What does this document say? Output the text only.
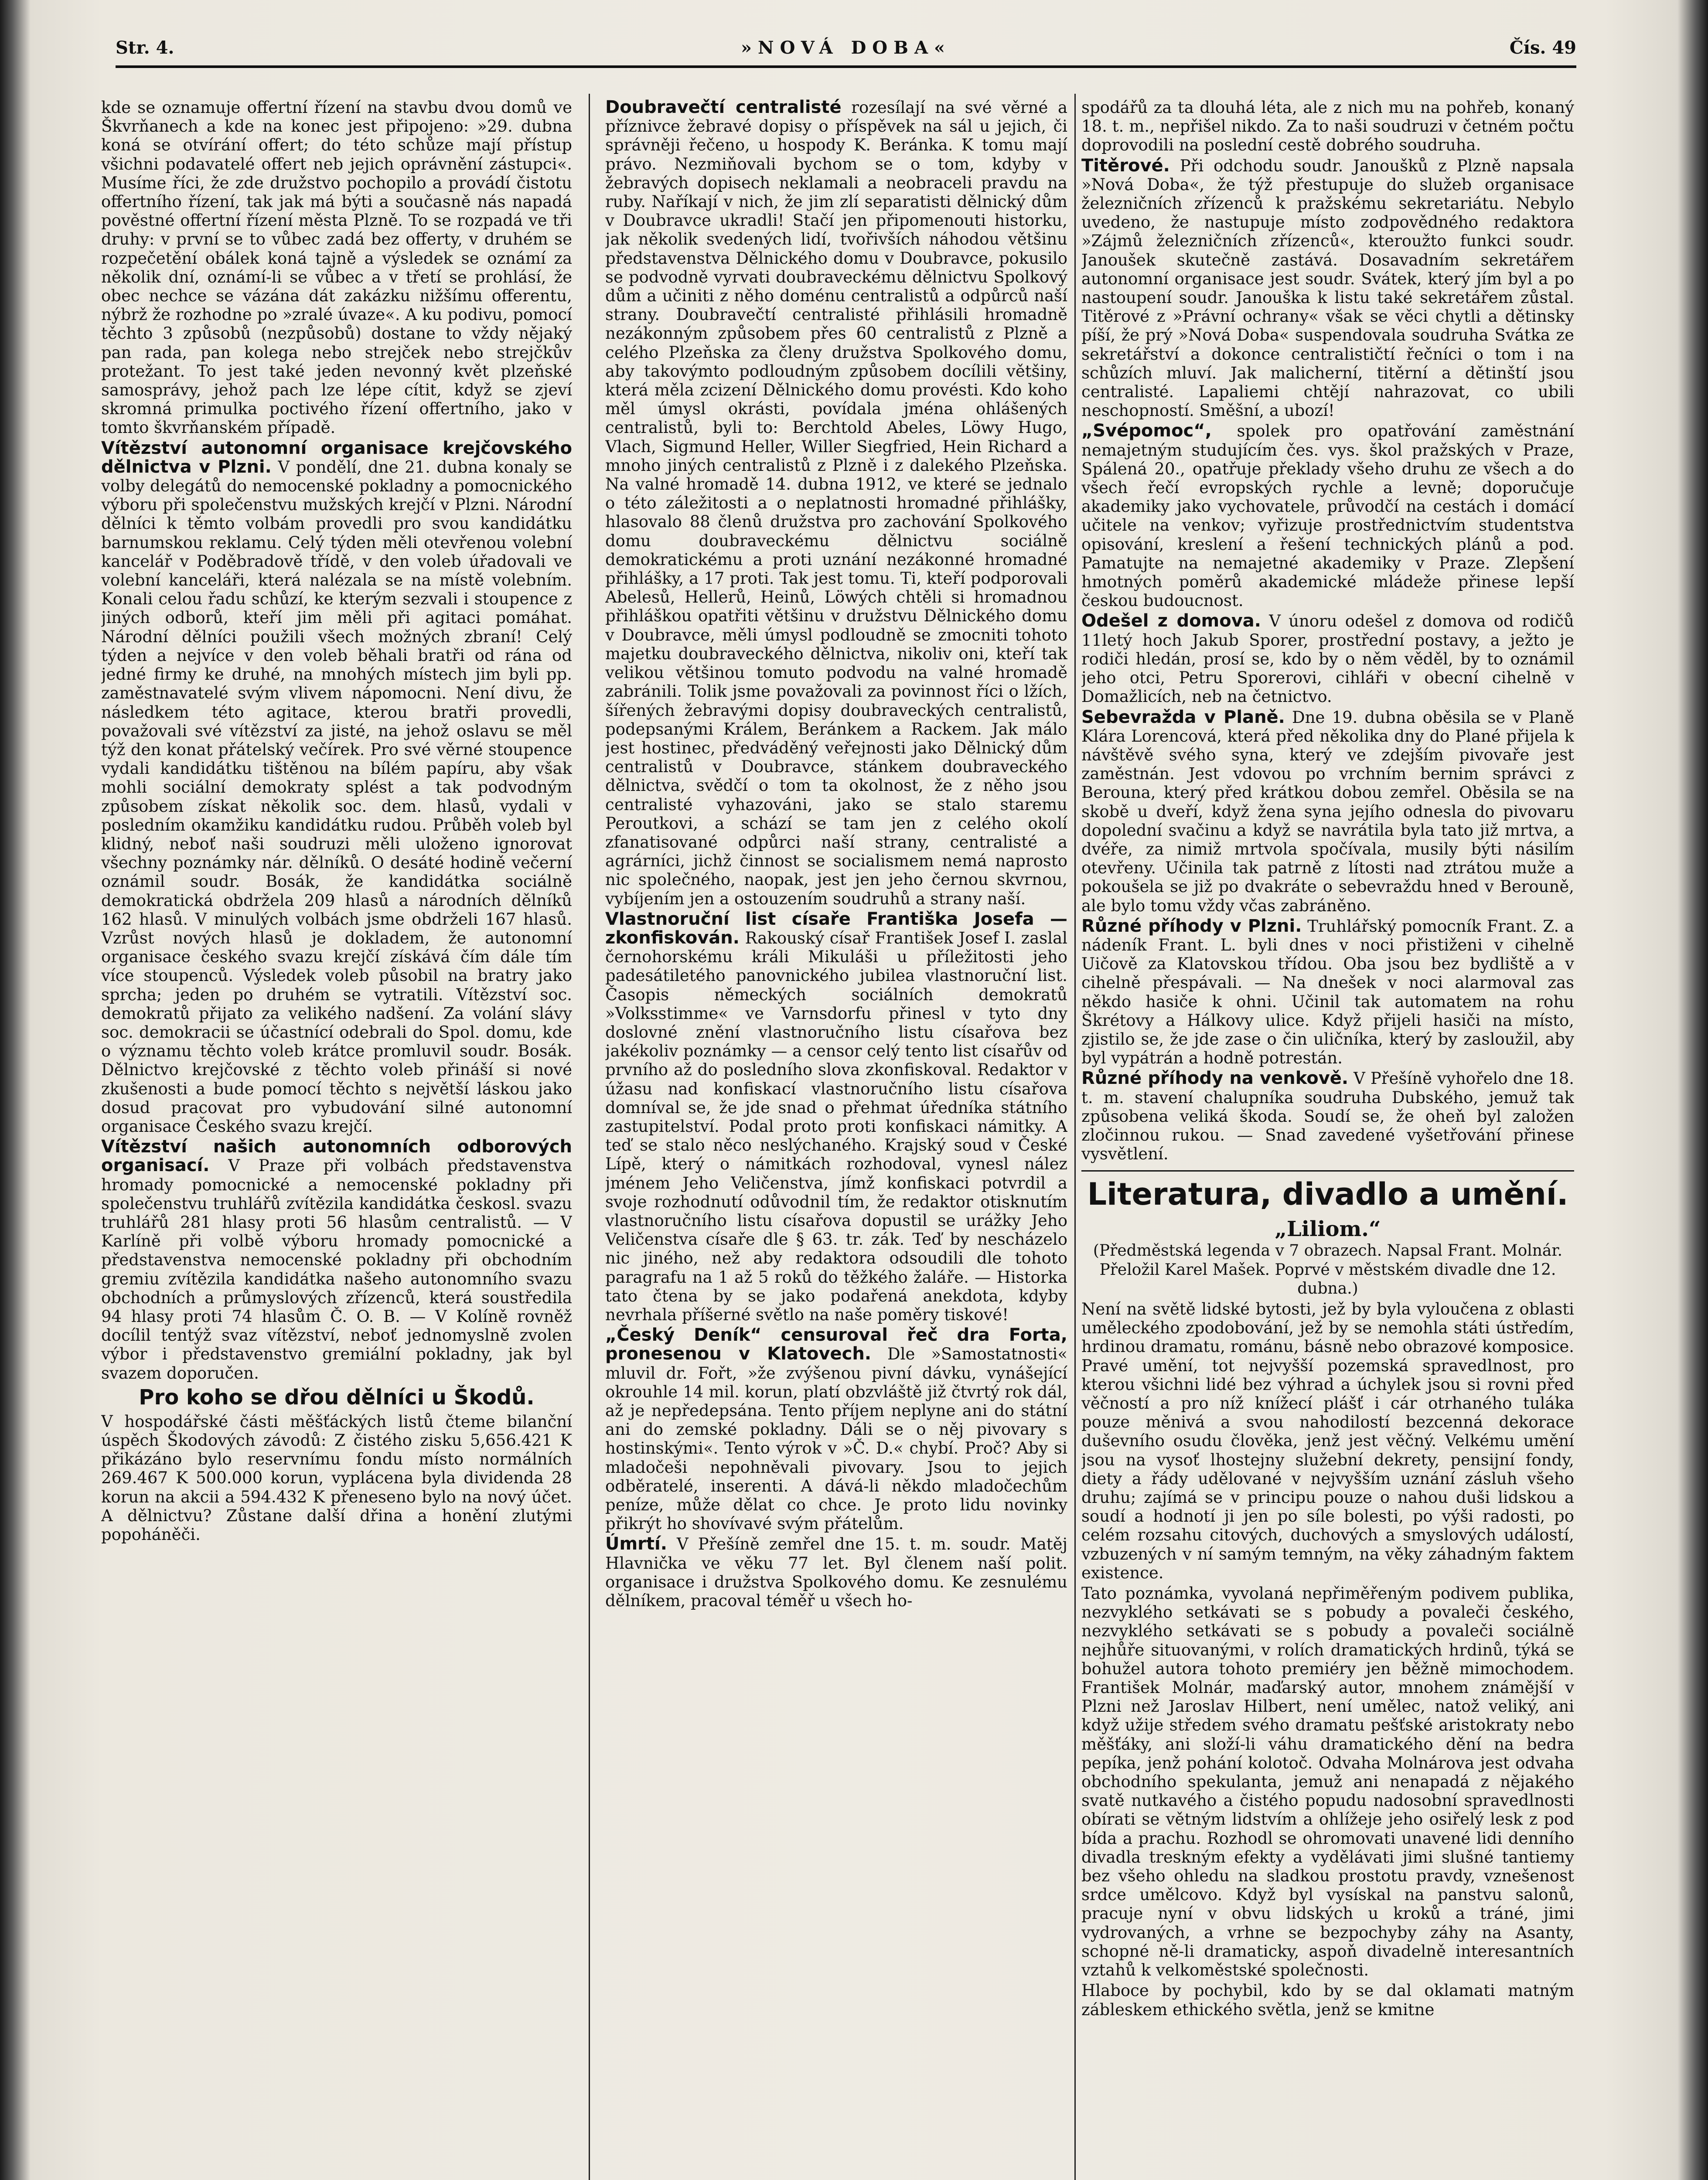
Str. 4.	»NOVÁ DOBA«	Čís. 49

kde se oznamuje offertní řízení na stavbu dvou domů ve Škvrňanech a kde na konec jest připojeno: »29. dubna koná se otvírání offert; do této schůze mají přístup všichni podavatelé offert neb jejich oprávnění zástupci«. Musíme říci, že zde družstvo pochopilo a provádí čistotu offertního řízení, tak jak má býti a současně nás napadá pověstné offertní řízení města Plzně. To se rozpadá ve tři druhy: v první se to vůbec zadá bez offerty, v druhém se rozpečetění obálek koná tajně a výsledek se oznámí za několik dní, oznámí-li se vůbec a v třetí se prohlásí, že obec nechce se vázána dát zakázku nižšímu offerentu, nýbrž že rozhodne po »zralé úvaze«. A ku podivu, pomocí těchto 3 způsobů (nezpůsobů) dostane to vždy nějaký pan rada, pan kolega nebo strejček nebo strejčkův protežant. To jest také jeden nevonný květ plzeňské samosprávy, jehož pach lze lépe cítit, když se zjeví skromná primulka poctivého řízení offertního, jako v tomto škvrňanském případě.

Vítězství autonomní organisace krejčovského dělnictva v Plzni. V pondělí, dne 21. dubna konaly se volby delegátů do nemocenské pokladny a pomocnického výboru při společenstvu mužských krejčí v Plzni. Národní dělníci k těmto volbám provedli pro svou kandidátku barnumskou reklamu. Celý týden měli otevřenou volební kancelář v Poděbradově třídě, v den voleb úřadovali ve volební kanceláři, která nalézala se na místě volebním. Konali celou řadu schůzí, ke kterým sezvali i stoupence z jiných odborů, kteří jim měli při agitaci pomáhat. Národní dělníci použili všech možných zbraní! Celý týden a nejvíce v den voleb běhali bratři od rána od jedné firmy ke druhé, na mnohých místech jim byli pp. zaměstnavatelé svým vlivem nápomocni. Není divu, že následkem této agitace, kterou bratři provedli, považovali své vítězství za jisté, na jehož oslavu se měl týž den konat přátelský večírek. Pro své věrné stoupence vydali kandidátku tištěnou na bílém papíru, aby však mohli sociální demokraty splést a tak podvodným způsobem získat několik soc. dem. hlasů, vydali v posledním okamžiku kandidátku rudou. Průběh voleb byl klidný, neboť naši soudruzi měli uloženo ignorovat všechny poznámky nár. dělníků. O desáté hodině večerní oznámil soudr. Bosák, že kandidátka sociálně demokratická obdržela 209 hlasů a národních dělníků 162 hlasů. V minulých volbách jsme obdrželi 167 hlasů. Vzrůst nových hlasů je dokladem, že autonomní organisace českého svazu krejčí získává čím dále tím více stoupenců. Výsledek voleb působil na bratry jako sprcha; jeden po druhém se vytratili. Vítězství soc. demokratů přijato za velikého nadšení. Za volání slávy soc. demokracii se účastnící odebrali do Spol. domu, kde o významu těchto voleb krátce promluvil soudr. Bosák. Dělnictvo krejčovské z těchto voleb přináší si nové zkušenosti a bude pomocí těchto s největší láskou jako dosud pracovat pro vybudování silné autonomní organisace Českého svazu krejčí.

Vítězství našich autonomních odborových organisací. V Praze při volbách představenstva hromady pomocnické a nemocenské pokladny při společenstvu truhlářů zvítězila kandidátka českosl. svazu truhlářů 281 hlasy proti 56 hlasům centralistů. — V Karlíně při volbě výboru hromady pomocnické a představenstva nemocenské pokladny při obchodním gremiu zvítězila kandidátka našeho autonomního svazu obchodních a průmyslových zřízenců, která soustředila 94 hlasy proti 74 hlasům Č. O. B. — V Kolíně rovněž docílil tentýž svaz vítězství, neboť jednomyslně zvolen výbor i představenstvo gremiální pokladny, jak byl svazem doporučen.

Pro koho se dřou dělníci u Škodů.

V hospodářské části měšťáckých listů čteme bilanční úspěch Škodových závodů: Z čistého zisku 5,656.421 K přikázáno bylo reservnímu fondu místo normálních 269.467 K 500.000 korun, vyplácena byla dividenda 28 korun na akcii a 594.432 K přeneseno bylo na nový účet. A dělnictvu? Zůstane další dřina a honění zlutými popoháněči.

Doubravečtí centralisté rozesílají na své věrné a příznivce žebravé dopisy o příspěvek na sál u jejich, či správněji řečeno, u hospody K. Beránka. K tomu mají právo. Nezmiňovali bychom se o tom, kdyby v žebravých dopisech neklamali a neobraceli pravdu na ruby. Naříkají v nich, že jim zlí separatisti dělnický dům v Doubravce ukradli! Stačí jen připomenouti historku, jak několik svedených lidí, tvořivších náhodou většinu představenstva Dělnického domu v Doubravce, pokusilo se podvodně vyrvati doubraveckému dělnictvu Spolkový dům a učiniti z něho doménu centralistů a odpůrců naší strany. Doubravečtí centralisté přihlásili hromadně nezákonným způsobem přes 60 centralistů z Plzně a celého Plzeňska za členy družstva Spolkového domu, aby takovýmto podloudným způsobem docílili většiny, která měla zcizení Dělnického domu provésti. Kdo koho měl úmysl okrásti, povídala jména ohlášených centralistů, byli to: Berchtold Abeles, Löwy Hugo, Vlach, Sigmund Heller, Willer Siegfried, Hein Richard a mnoho jiných centralistů z Plzně i z dalekého Plzeňska. Na valné hromadě 14. dubna 1912, ve které se jednalo o této záležitosti a o neplatnosti hromadné přihlášky, hlasovalo 88 členů družstva pro zachování Spolkového domu doubraveckému dělnictvu sociálně demokratickému a proti uznání nezákonné hromadné přihlášky, a 17 proti. Tak jest tomu. Ti, kteří podporovali Abelesů, Hellerů, Heinů, Löwých chtěli si hromadnou přihláškou opatřiti většinu v družstvu Dělnického domu v Doubravce, měli úmysl podloudně se zmocniti tohoto majetku doubraveckého dělnictva, nikoliv oni, kteří tak velikou většinou tomuto podvodu na valné hromadě zabránili. Tolik jsme považovali za povinnost říci o lžích, šířených žebravými dopisy doubraveckých centralistů, podepsanými Králem, Beránkem a Rackem. Jak málo jest hostinec, předváděný veřejnosti jako Dělnický dům centralistů v Doubravce, stánkem doubraveckého dělnictva, svědčí o tom ta okolnost, že z něho jsou centralisté vyhazováni, jako se stalo staremu Peroutkovi, a schází se tam jen z celého okolí zfanatisované odpůrci naší strany, centralisté a agrárníci, jichž činnost se socialismem nemá naprosto nic společného, naopak, jest jen jeho černou skvrnou, vybíjením jen a ostouzením soudruhů a strany naší.

Vlastnoruční list císaře Františka Josefa — zkonfiskován. Rakouský císař František Josef I. zaslal černohorskému králi Mikuláši u příležitosti jeho padesátiletého panovnického jubilea vlastnoruční list. Časopis německých sociálních demokratů »Volksstimme« ve Varnsdorfu přinesl v tyto dny doslovné znění vlastnoručního listu císařova bez jakékoliv poznámky — a censor celý tento list císařův od prvního až do posledního slova zkonfiskoval. Redaktor v úžasu nad konfiskací vlastnoručního listu císařova domníval se, že jde snad o přehmat úředníka státního zastupitelství. Podal proto proti konfiskaci námitky. A teď se stalo něco neslýchaného. Krajský soud v České Lípě, který o námitkách rozhodoval, vynesl nález jménem Jeho Veličenstva, jímž konfiskaci potvrdil a svoje rozhodnutí odůvodnil tím, že redaktor otisknutím vlastnoručního listu císařova dopustil se urážky Jeho Veličenstva císaře dle § 63. tr. zák. Teď by nescházelo nic jiného, než aby redaktora odsoudili dle tohoto paragrafu na 1 až 5 roků do těžkého žaláře. — Historka tato čtena by se jako podařená anekdota, kdyby nevrhala příšerné světlo na naše poměry tiskové!

„Český Deník“ censuroval řeč dra Forta, pronesenou v Klatovech. Dle »Samostatnosti« mluvil dr. Fořt, »že zvýšenou pivní dávku, vynášející okrouhle 14 mil. korun, platí obzvláště již čtvrtý rok dál, až je nepředepsána. Tento příjem neplyne ani do státní ani do zemské pokladny. Dáli se o něj pivovary s hostinskými«. Tento výrok v »Č. D.« chybí. Proč? Aby si mladočeši nepohněvali pivovary. Jsou to jejich odběratelé, inserenti. A dává-li někdo mladočechům peníze, může dělat co chce. Je proto lidu novinky přikrýt ho shovívavé svým přátelům.

Úmrtí. V Přešíně zemřel dne 15. t. m. soudr. Matěj Hlavnička ve věku 77 let. Byl členem naší polit. organisace i družstva Spolkového domu. Ke zesnulému dělníkem, pracoval téměř u všech ho-

spodářů za ta dlouhá léta, ale z nich mu na pohřeb, konaný 18. t. m., nepřišel nikdo. Za to naši soudruzi v četném počtu doprovodili na poslední cestě dobrého soudruha.

Titěrové. Při odchodu soudr. Janoušků z Plzně napsala »Nová Doba«, že týž přestupuje do služeb organisace železničních zřízenců k pražskému sekretariátu. Nebylo uvedeno, že nastupuje místo zodpovědného redaktora »Zájmů železničních zřízenců«, kteroužto funkci soudr. Janoušek skutečně zastává. Dosavadním sekretářem autonomní organisace jest soudr. Svátek, který jím byl a po nastoupení soudr. Janouška k listu také sekretářem zůstal. Titěrové z »Právní ochrany« však se věci chytli a dětinsky píší, že prý »Nová Doba« suspendovala soudruha Svátka ze sekretářství a dokonce centralističtí řečníci o tom i na schůzích mluví. Jak malicherní, titěrní a dětinští jsou centralisté. Lapaliemi chtějí nahrazovat, co ubili neschopností. Směšní, a ubozí!

„Svépomoc“, spolek pro opatřování zaměstnání nemajetným studujícím čes. vys. škol pražských v Praze, Spálená 20., opatřuje překlady všeho druhu ze všech a do všech řečí evropských rychle a levně; doporučuje akademiky jako vychovatele, průvodčí na cestách i domácí učitele na venkov; vyřizuje prostřednictvím studentstva opisování, kreslení a řešení technických plánů a pod. Pamatujte na nemajetné akademiky v Praze. Zlepšení hmotných poměrů akademické mládeže přinese lepší českou budoucnost.

Odešel z domova. V únoru odešel z domova od rodičů 11letý hoch Jakub Sporer, prostřední postavy, a ježto je rodiči hledán, prosí se, kdo by o něm věděl, by to oznámil jeho otci, Petru Sporerovi, cihláři v obecní cihelně v Domažlicích, neb na četnictvo.

Sebevražda v Planě. Dne 19. dubna oběsila se v Planě Klára Lorencová, která před několika dny do Plané přijela k návštěvě svého syna, který ve zdejším pivovaře jest zaměstnán. Jest vdovou po vrchním bernim správci z Berouna, který před krátkou dobou zemřel. Oběsila se na skobě u dveří, když žena syna jejího odnesla do pivovaru dopolední svačinu a když se navrátila byla tato již mrtva, a dvéře, za nimiž mrtvola spočívala, musily býti násilím otevřeny. Učinila tak patrně z lítosti nad ztrátou muže a pokoušela se již po dvakráte o sebevraždu hned v Berouně, ale bylo tomu vždy včas zabráněno.

Různé příhody v Plzni. Truhlářský pomocník Frant. Z. a nádeník Frant. L. byli dnes v noci přistiženi v cihelně Uičově za Klatovskou třídou. Oba jsou bez bydliště a v cihelně přespávali. — Na dnešek v noci alarmoval zas někdo hasiče k ohni. Učinil tak automatem na rohu Škrétovy a Hálkovy ulice. Když přijeli hasiči na místo, zjistilo se, že jde zase o čin uličníka, který by zasloužil, aby byl vypátrán a hodně potrestán.

Různé příhody na venkově. V Přešíně vyhořelo dne 18. t. m. stavení chalupníka soudruha Dubského, jemuž tak způsobena veliká škoda. Soudí se, že oheň byl založen zločinnou rukou. — Snad zavedené vyšetřování přinese vysvětlení.

Literatura, divadlo a umění.
„Liliom.“

(Předměstská legenda v 7 obrazech. Napsal Frant. Molnár. Přeložil Karel Mašek. Poprvé v městském divadle dne 12. dubna.)

Není na světě lidské bytosti, jež by byla vyloučena z oblasti uměleckého zpodobování, jež by se nemohla státi ústředím, hrdinou dramatu, románu, básně nebo obrazové komposice. Pravé umění, tot nejvyšší pozemská spravedlnost, pro kterou všichni lidé bez výhrad a úchylek jsou si rovni před věčností a pro níž knížecí plášť i cár otrhaného tuláka pouze měnivá a svou nahodilostí bezcenná dekorace duševního osudu člověka, jenž jest věčný. Velkému umění jsou na vysoť lhostejny služební dekrety, pensijní fondy, diety a řády udělované v nejvyšším uznání zásluh všeho druhu; zajímá se v principu pouze o nahou duši lidskou a soudí a hodnotí ji jen po síle bolesti, po výši radosti, po celém rozsahu citových, duchových a smyslových událostí, vzbuzených v ní samým temným, na věky záhadným faktem existence.

Tato poznámka, vyvolaná nepřiměřeným podivem publika, nezvyklého setkávati se s pobudy a povaleči českého, nezvyklého setkávati se s pobudy a povaleči sociálně nejhůře situovanými, v rolích dramatických hrdinů, týká se bohužel autora tohoto premiéry jen běžně mimochodem. František Molnár, maďarský autor, mnohem známější v Plzni než Jaroslav Hilbert, není umělec, natož veliký, ani když užije středem svého dramatu pešťské aristokraty nebo měšťáky, ani složí-li váhu dramatického dění na bedra pepíka, jenž pohání kolotoč. Odvaha Molnárova jest odvaha obchodního spekulanta, jemuž ani nenapadá z nějakého svatě nutkavého a čistého popudu nadosobní spravedlnosti obírati se větným lidstvím a ohlížeje jeho osiřelý lesk z pod bída a prachu. Rozhodl se ohromovati unavené lidi denního divadla treskným efekty a vydělávati jimi slušné tantiemy bez všeho ohledu na sladkou prostotu pravdy, vznešenost srdce umělcovo. Když byl vysískal na panstvu salonů, pracuje nyní v obvu lidských u kroků a tráné, jimi vydrovaných, a vrhne se bezpochyby záhy na Asanty, schopné ně-li dramaticky, aspoň divadelně interesantních vztahů k velkoměstské společnosti.

Hlaboce by pochybil, kdo by se dal oklamati matným zábleskem ethického světla, jenž se kmitne
